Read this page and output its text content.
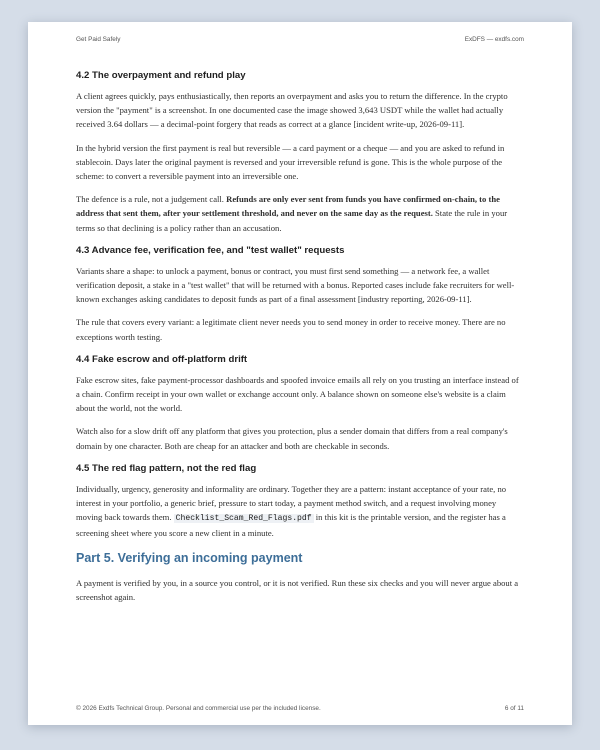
Get Paid Safely	ExDFS — exdfs.com
4.2 The overpayment and refund play

A client agrees quickly, pays enthusiastically, then reports an overpayment and asks you to return the difference. In the crypto version the "payment" is a screenshot. In one documented case the image showed 3,643 USDT while the wallet had actually received 3.64 dollars — a decimal-point forgery that reads as correct at a glance [incident write-up, 2026-09-11].

In the hybrid version the first payment is real but reversible — a card payment or a cheque — and you are asked to refund in stablecoin. Days later the original payment is reversed and your irreversible refund is gone. This is the whole purpose of the scheme: to convert a reversible payment into an irreversible one.

The defence is a rule, not a judgement call. Refunds are only ever sent from funds you have confirmed on-chain, to the address that sent them, after your settlement threshold, and never on the same day as the request. State the rule in your terms so that declining is a policy rather than an accusation.

4.3 Advance fee, verification fee, and "test wallet" requests

Variants share a shape: to unlock a payment, bonus or contract, you must first send something — a network fee, a wallet verification deposit, a stake in a "test wallet" that will be returned with a bonus. Reported cases include fake recruiters for well-known exchanges asking candidates to deposit funds as part of a final assessment [industry reporting, 2026-09-11].

The rule that covers every variant: a legitimate client never needs you to send money in order to receive money. There are no exceptions worth testing.

4.4 Fake escrow and off-platform drift

Fake escrow sites, fake payment-processor dashboards and spoofed invoice emails all rely on you trusting an interface instead of a chain. Confirm receipt in your own wallet or exchange account only. A balance shown on someone else's website is a claim about the world, not the world.

Watch also for a slow drift off any platform that gives you protection, plus a sender domain that differs from a real company's domain by one character. Both are cheap for an attacker and both are checkable in seconds.

4.5 The red flag pattern, not the red flag

Individually, urgency, generosity and informality are ordinary. Together they are a pattern: instant acceptance of your rate, no interest in your portfolio, a generic brief, pressure to start today, a payment method switch, and a request involving money moving back towards them. Checklist_Scam_Red_Flags.pdf in this kit is the printable version, and the register has a screening sheet where you score a new client in a minute.

Part 5. Verifying an incoming payment

A payment is verified by you, in a source you control, or it is not verified. Run these six checks and you will never argue about a screenshot again.

© 2026 Exdfs Technical Group. Personal and commercial use per the included license.	6 of 11
